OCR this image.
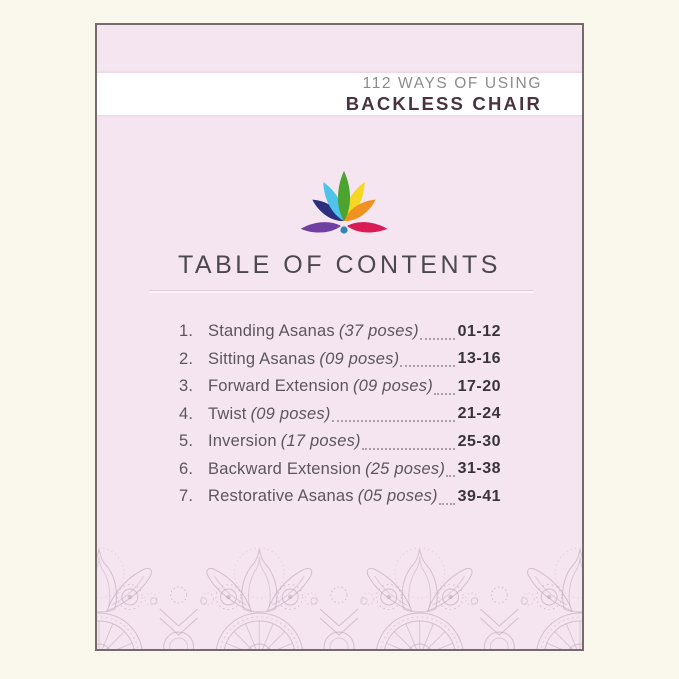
112 WAYS OF USING
BACKLESS CHAIR
TABLE OF CONTENTS
1. Standing Asanas (37 poses) 01-12
2. Sitting Asanas (09 poses)	13-16
3. Forward Extension (09 poses) 17-20
4. Twist (09 poses)	21-24
5. Inversion (17 poses)	25-30
6. Backward Extension (25 poses) 31-38
7. Restorative Asanas (05 poses) 39-41
